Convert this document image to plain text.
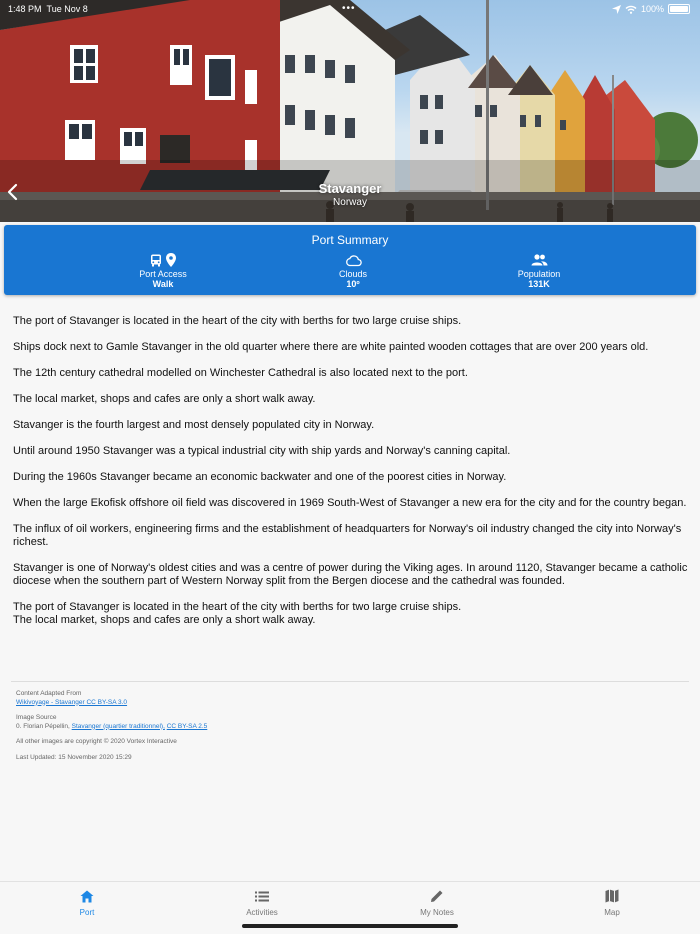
1:48 PM Tue Nov 8	•••	100%
Stavanger
Norway
Port Summary
Port Access
Walk
Clouds
10º
Population
131K

The port of Stavanger is located in the heart of the city with berths for two large cruise ships.

Ships dock next to Gamle Stavanger in the old quarter where there are white painted wooden cottages that are over 200 years old.

The 12th century cathedral modelled on Winchester Cathedral is also located next to the port.

The local market, shops and cafes are only a short walk away.

Stavanger is the fourth largest and most densely populated city in Norway.

Until around 1950 Stavanger was a typical industrial city with ship yards and Norway's canning capital.

During the 1960s Stavanger became an economic backwater and one of the poorest cities in Norway.

When the large Ekofisk offshore oil field was discovered in 1969 South-West of Stavanger a new era for the city and for the country began.

The influx of oil workers, engineering firms and the establishment of headquarters for Norway's oil industry changed the city into Norway's richest.

Stavanger is one of Norway's oldest cities and was a centre of power during the Viking ages. In around 1120, Stavanger became a catholic diocese when the southern part of Western Norway split from the Bergen diocese and the cathedral was founded.

The port of Stavanger is located in the heart of the city with berths for two large cruise ships.
The local market, shops and cafes are only a short walk away.

Content Adapted From
Wikivoyage - Stavanger CC BY-SA 3.0
Image Source
0. Florian Pépellin, Stavanger (quartier traditionnel), CC BY-SA 2.5
All other images are copyright © 2020 Vortex Interactive
Last Updated: 15 November 2020 15:29
Port	Activities	My Notes	Map
